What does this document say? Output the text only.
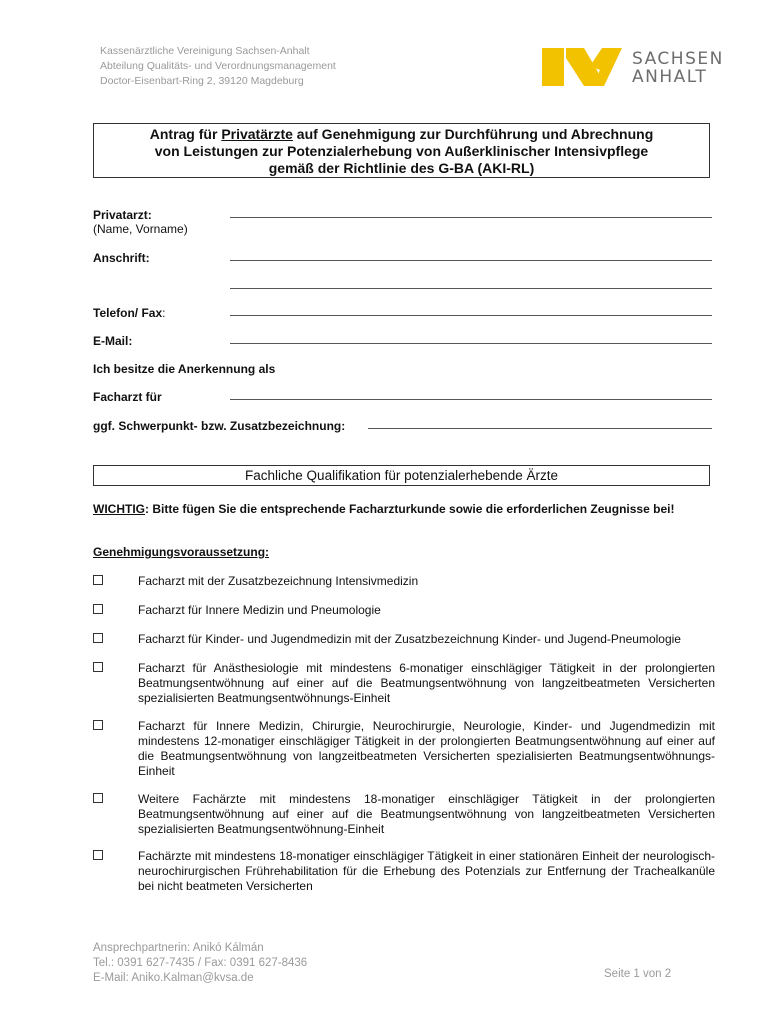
Kassenärztliche Vereinigung Sachsen-Anhalt
Abteilung Qualitäts- und Verordnungsmanagement
Doctor-Eisenbart-Ring 2, 39120 Magdeburg
SACHSEN
ANHALT
Antrag für Privatärzte auf Genehmigung zur Durchführung und Abrechnung
von Leistungen zur Potenzialerhebung von Außerklinischer Intensivpflege
gemäß der Richtlinie des G-BA (AKI-RL)
Privatarzt:
(Name, Vorname)
Anschrift:
Telefon/ Fax:
E-Mail:
Ich besitze die Anerkennung als
Facharzt für
ggf. Schwerpunkt- bzw. Zusatzbezeichnung:
Fachliche Qualifikation für potenzialerhebende Ärzte
WICHTIG: Bitte fügen Sie die entsprechende Facharzturkunde sowie die erforderlichen Zeugnisse bei!
Genehmigungsvoraussetzung:
Facharzt mit der Zusatzbezeichnung Intensivmedizin
Facharzt für Innere Medizin und Pneumologie
Facharzt für Kinder- und Jugendmedizin mit der Zusatzbezeichnung Kinder- und Jugend-Pneumologie
Facharzt für Anästhesiologie mit mindestens 6-monatiger einschlägiger Tätigkeit in der prolongierten Beatmungsentwöhnung auf einer auf die Beatmungsentwöhnung von langzeitbeatmeten Versicherten spezialisierten Beatmungsentwöhnungs-Einheit
Facharzt für Innere Medizin, Chirurgie, Neurochirurgie, Neurologie, Kinder- und Jugendmedizin mit mindestens 12-monatiger einschlägiger Tätigkeit in der prolongierten Beatmungsentwöhnung auf einer auf die Beatmungsentwöhnung von langzeitbeatmeten Versicherten spezialisierten Beatmungsentwöhnungs-Einheit
Weitere Fachärzte mit mindestens 18-monatiger einschlägiger Tätigkeit in der prolongierten Beatmungsentwöhnung auf einer auf die Beatmungsentwöhnung von langzeitbeatmeten Versicherten spezialisierten Beatmungsentwöhnung-Einheit
Fachärzte mit mindestens 18-monatiger einschlägiger Tätigkeit in einer stationären Einheit der neurologisch-neurochirurgischen Frührehabilitation für die Erhebung des Potenzials zur Entfernung der Trachealkanüle bei nicht beatmeten Versicherten
Ansprechpartnerin: Anikó Kálmán
Tel.: 0391 627-7435 / Fax: 0391 627-8436
E-Mail: Aniko.Kalman@kvsa.de	Seite 1 von 2
